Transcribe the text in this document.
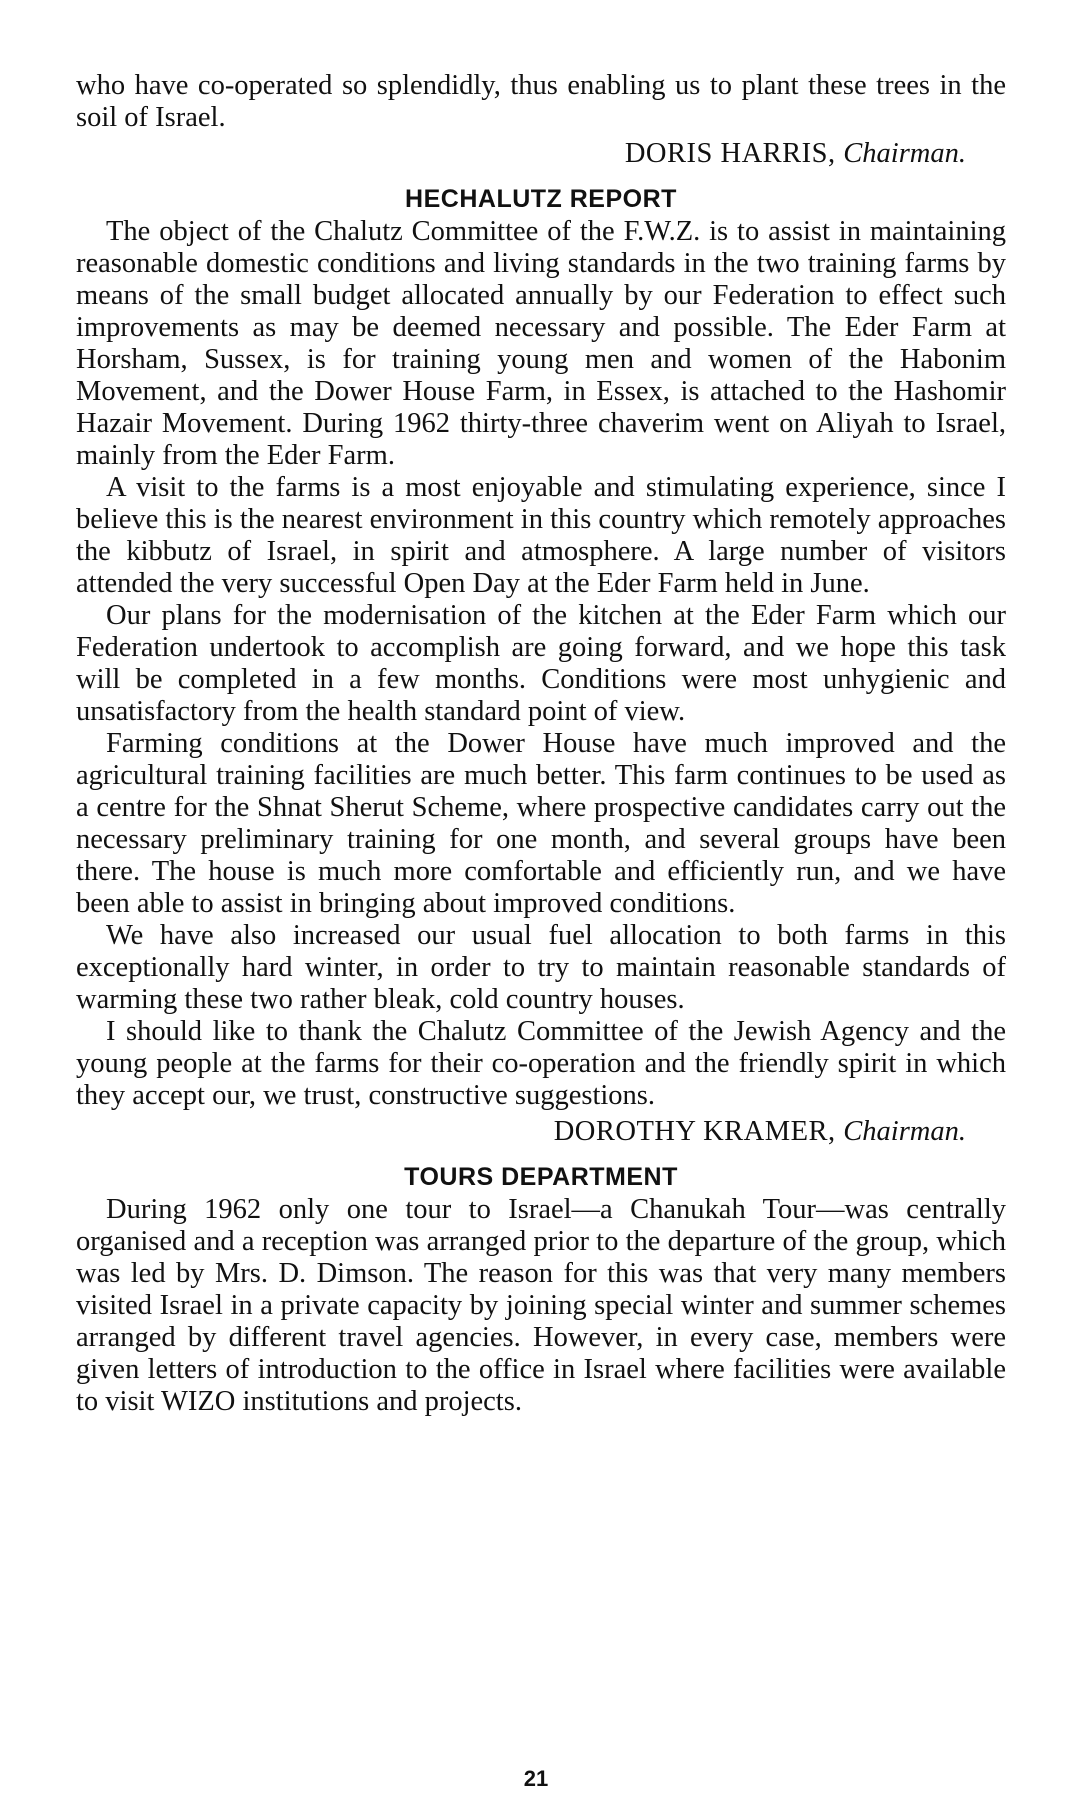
who have co-operated so splendidly, thus enabling us to plant these trees in the soil of Israel.

DORIS HARRIS, Chairman.
HECHALUTZ REPORT

The object of the Chalutz Committee of the F.W.Z. is to assist in maintaining reasonable domestic conditions and living standards in the two training farms by means of the small budget allocated annually by our Federation to effect such improvements as may be deemed necessary and possible. The Eder Farm at Horsham, Sussex, is for training young men and women of the Habonim Movement, and the Dower House Farm, in Essex, is attached to the Hashomir Hazair Movement. During 1962 thirty-three chaverim went on Aliyah to Israel, mainly from the Eder Farm.

A visit to the farms is a most enjoyable and stimulating experience, since I believe this is the nearest environment in this country which remotely approaches the kibbutz of Israel, in spirit and atmosphere. A large number of visitors attended the very successful Open Day at the Eder Farm held in June.

Our plans for the modernisation of the kitchen at the Eder Farm which our Federation undertook to accomplish are going forward, and we hope this task will be completed in a few months. Conditions were most unhygienic and unsatisfactory from the health standard point of view.

Farming conditions at the Dower House have much improved and the agricultural training facilities are much better. This farm continues to be used as a centre for the Shnat Sherut Scheme, where prospective candidates carry out the necessary preliminary training for one month, and several groups have been there. The house is much more comfortable and efficiently run, and we have been able to assist in bringing about improved conditions.

We have also increased our usual fuel allocation to both farms in this exceptionally hard winter, in order to try to maintain reasonable standards of warming these two rather bleak, cold country houses.

I should like to thank the Chalutz Committee of the Jewish Agency and the young people at the farms for their co-operation and the friendly spirit in which they accept our, we trust, constructive suggestions.

DOROTHY KRAMER, Chairman.
TOURS DEPARTMENT

During 1962 only one tour to Israel—a Chanukah Tour—was centrally organised and a reception was arranged prior to the departure of the group, which was led by Mrs. D. Dimson. The reason for this was that very many members visited Israel in a private capacity by joining special winter and summer schemes arranged by different travel agencies. However, in every case, members were given letters of introduction to the office in Israel where facilities were available to visit WIZO institutions and projects.

21
